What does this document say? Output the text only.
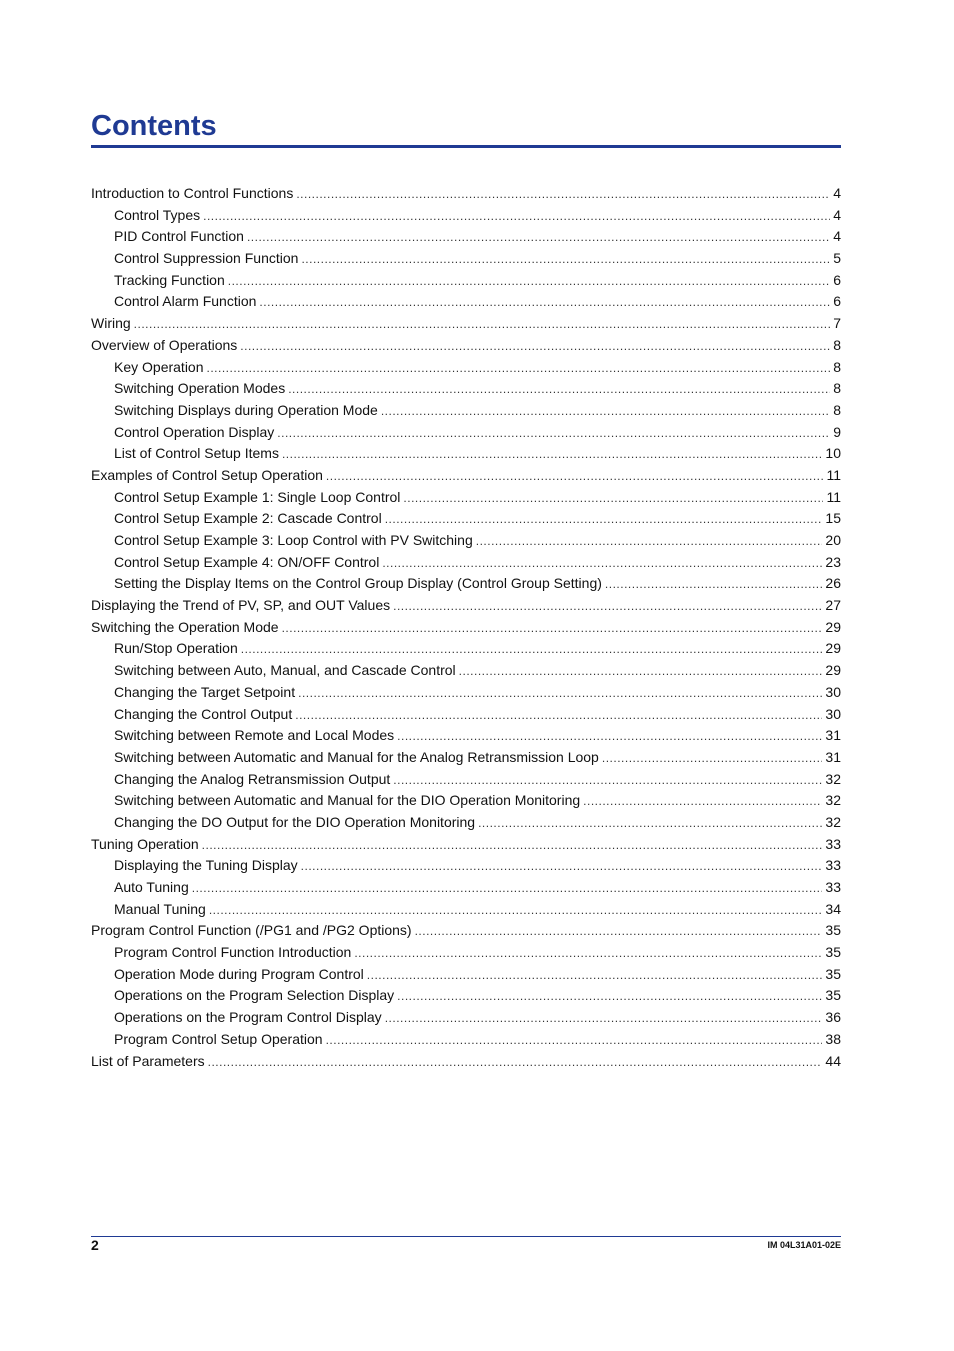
Contents
Introduction to Control Functions .....	4
Control Types .....	4
PID Control Function .....	4
Control Suppression Function .....	5
Tracking Function .....	6
Control Alarm Function .....	6
Wiring .....	7
Overview of Operations .....	8
Key Operation .....	8
Switching Operation Modes .....	8
Switching Displays during Operation Mode .....	8
Control Operation Display .....	9
List of Control Setup Items .....	10
Examples of Control Setup Operation .....	11
Control Setup Example 1: Single Loop Control .....	11
Control Setup Example 2: Cascade Control .....	15
Control Setup Example 3: Loop Control with PV Switching .....	20
Control Setup Example 4: ON/OFF Control .....	23
Setting the Display Items on the Control Group Display (Control Group Setting) .....	26
Displaying the Trend of PV, SP, and OUT Values .....	27
Switching the Operation Mode .....	29
Run/Stop Operation .....	29
Switching between Auto, Manual, and Cascade Control .....	29
Changing the Target Setpoint .....	30
Changing the Control Output .....	30
Switching between Remote and Local Modes .....	31
Switching between Automatic and Manual for the Analog Retransmission Loop .....	31
Changing the Analog Retransmission Output .....	32
Switching between Automatic and Manual for the DIO Operation Monitoring .....	32
Changing the DO Output for the DIO Operation Monitoring .....	32
Tuning Operation .....	33
Displaying the Tuning Display .....	33
Auto Tuning .....	33
Manual Tuning .....	34
Program Control Function (/PG1 and /PG2 Options) .....	35
Program Control Function Introduction .....	35
Operation Mode during Program Control .....	35
Operations on the Program Selection Display .....	35
Operations on the Program Control Display .....	36
Program Control Setup Operation .....	38
List of Parameters .....	44
2	IM 04L31A01-02E
